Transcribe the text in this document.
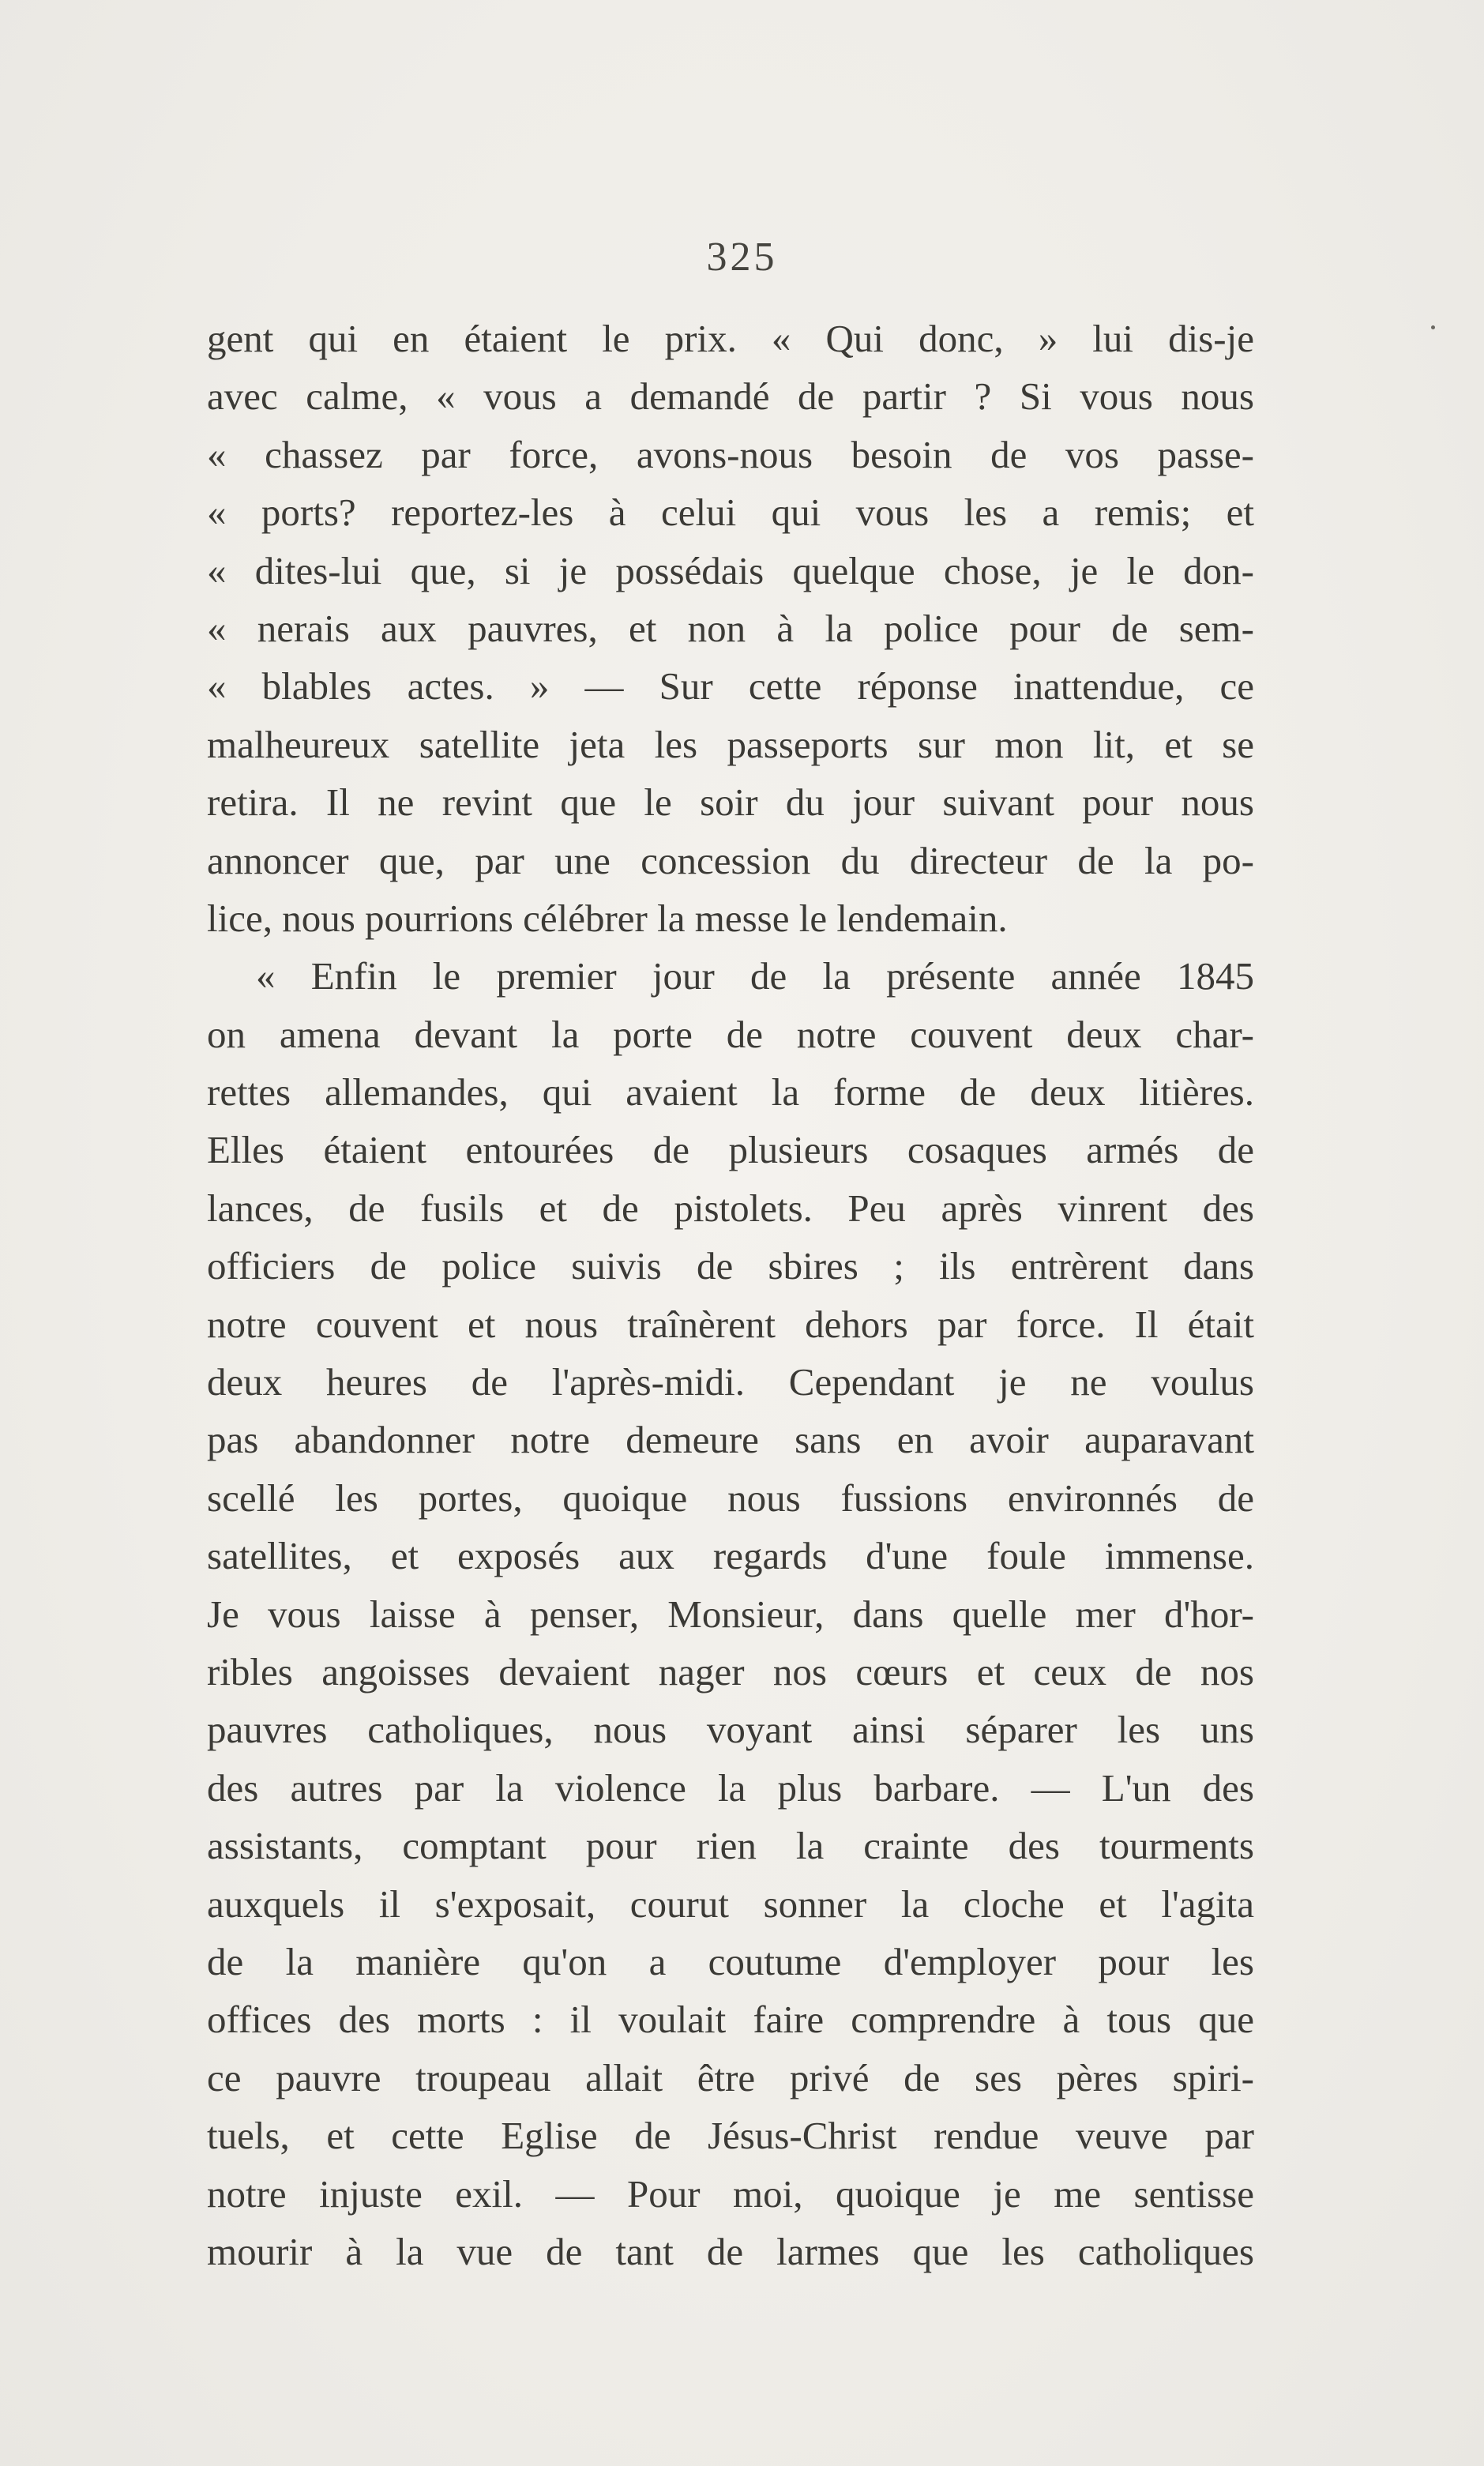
325
gent qui en étaient le prix. « Qui donc, » lui dis-je
avec calme, « vous a demandé de partir ? Si vous nous
« chassez par force, avons-nous besoin de vos passe-
« ports? reportez-les à celui qui vous les a remis; et
« dites-lui que, si je possédais quelque chose, je le don-
« nerais aux pauvres, et non à la police pour de sem-
« blables actes. » — Sur cette réponse inattendue, ce
malheureux satellite jeta les passeports sur mon lit, et se
retira. Il ne revint que le soir du jour suivant pour nous
annoncer que, par une concession du directeur de la po-
lice, nous pourrions célébrer la messe le lendemain.
« Enfin le premier jour de la présente année 1845
on amena devant la porte de notre couvent deux char-
rettes allemandes, qui avaient la forme de deux litières.
Elles étaient entourées de plusieurs cosaques armés de
lances, de fusils et de pistolets. Peu après vinrent des
officiers de police suivis de sbires ; ils entrèrent dans
notre couvent et nous traînèrent dehors par force. Il était
deux heures de l'après-midi. Cependant je ne voulus
pas abandonner notre demeure sans en avoir auparavant
scellé les portes, quoique nous fussions environnés de
satellites, et exposés aux regards d'une foule immense.
Je vous laisse à penser, Monsieur, dans quelle mer d'hor-
ribles angoisses devaient nager nos cœurs et ceux de nos
pauvres catholiques, nous voyant ainsi séparer les uns
des autres par la violence la plus barbare. — L'un des
assistants, comptant pour rien la crainte des tourments
auxquels il s'exposait, courut sonner la cloche et l'agita
de la manière qu'on a coutume d'employer pour les
offices des morts : il voulait faire comprendre à tous que
ce pauvre troupeau allait être privé de ses pères spiri-
tuels, et cette Eglise de Jésus-Christ rendue veuve par
notre injuste exil. — Pour moi, quoique je me sentisse
mourir à la vue de tant de larmes que les catholiques
